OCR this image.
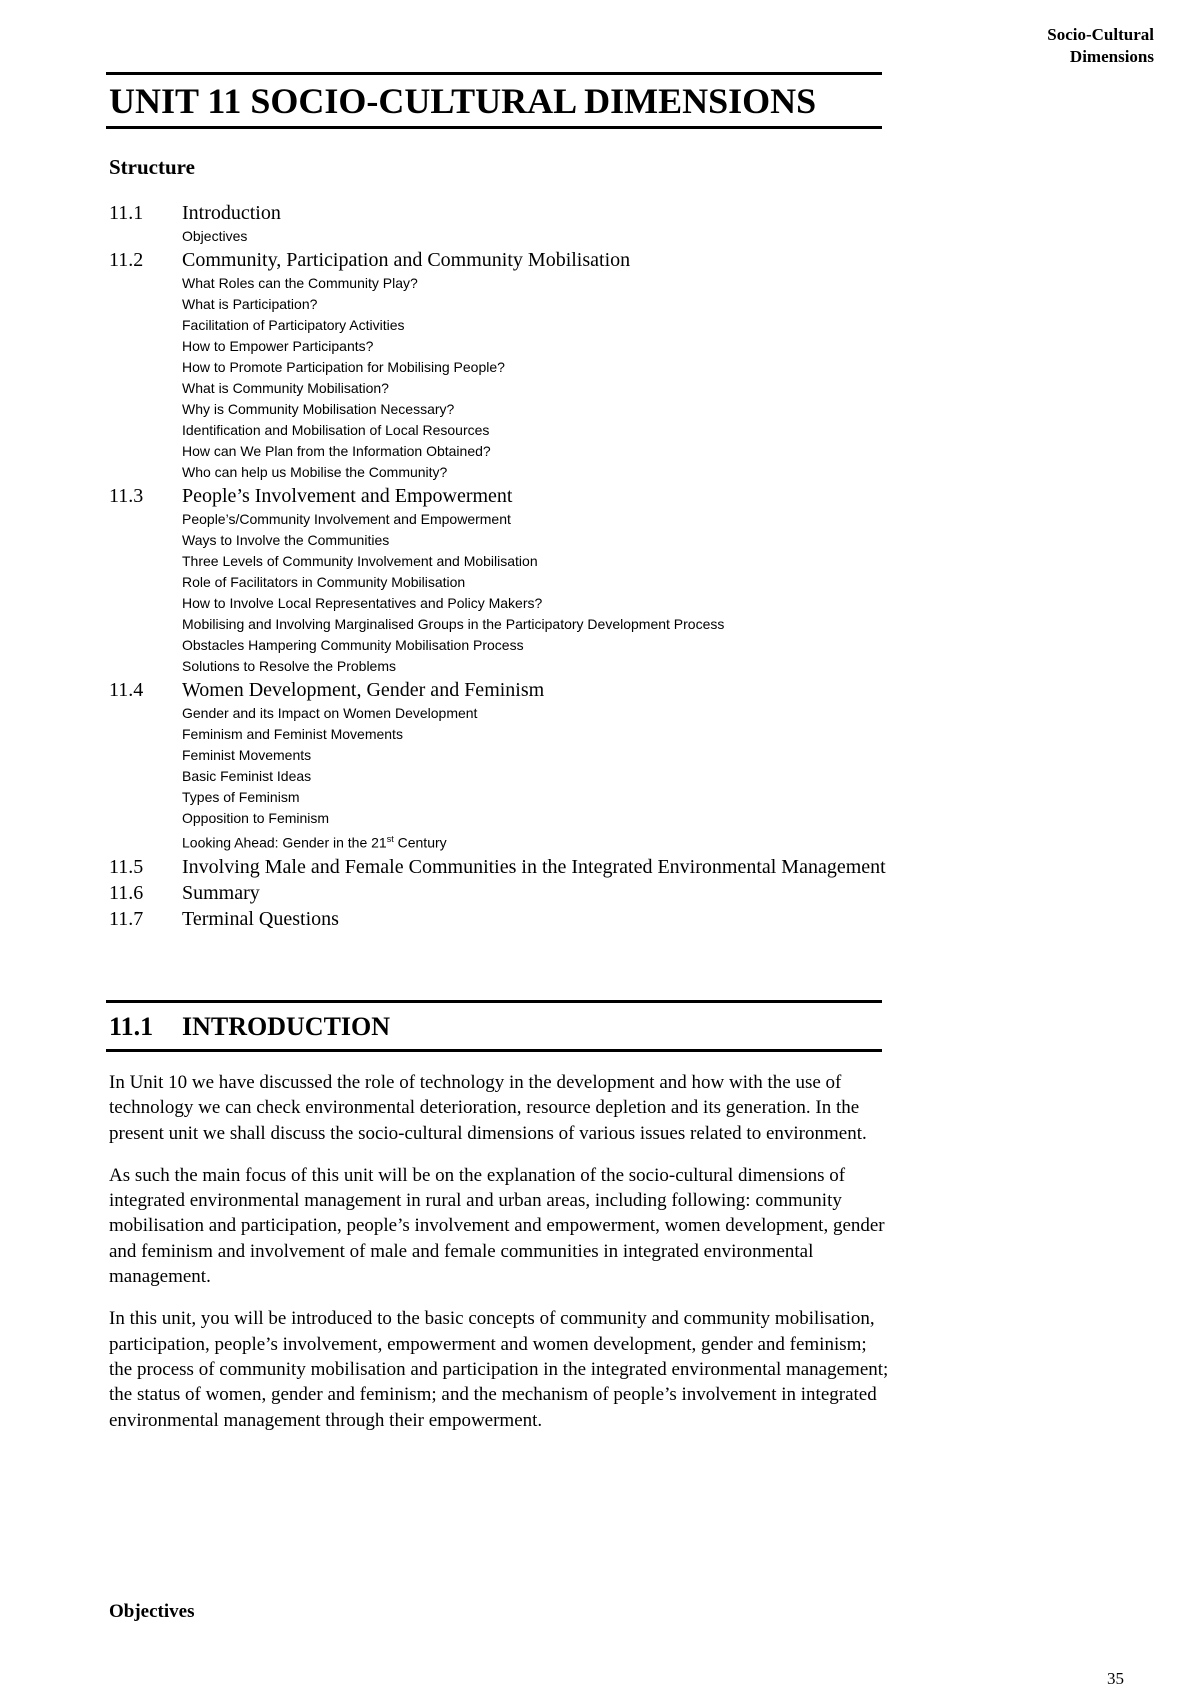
Socio-Cultural Dimensions
UNIT 11 SOCIO-CULTURAL DIMENSIONS
Structure
11.1	Introduction
Objectives
11.2	Community, Participation and Community Mobilisation
What Roles can the Community Play?
What is Participation?
Facilitation of Participatory Activities
How to Empower Participants?
How to Promote Participation for Mobilising People?
What is Community Mobilisation?
Why is Community Mobilisation Necessary?
Identification and Mobilisation of Local Resources
How can We Plan from the Information Obtained?
Who can help us Mobilise the Community?
11.3	People’s Involvement and Empowerment
People’s/Community Involvement and Empowerment
Ways to Involve the Communities
Three Levels of Community Involvement and Mobilisation
Role of Facilitators in Community Mobilisation
How to Involve Local Representatives and Policy Makers?
Mobilising and Involving Marginalised Groups in the Participatory Development Process
Obstacles Hampering Community Mobilisation Process
Solutions to Resolve the Problems
11.4	Women Development, Gender and Feminism
Gender and its Impact on Women Development
Feminism and Feminist Movements
Feminist Movements
Basic Feminist Ideas
Types of Feminism
Opposition to Feminism
Looking Ahead: Gender in the 21st Century
11.5	Involving Male and Female Communities in the Integrated Environmental Management
11.6	Summary
11.7	Terminal Questions
11.1 INTRODUCTION

In Unit 10 we have discussed the role of technology in the development and how with the use of technology we can check environmental deterioration, resource depletion and its generation. In the present unit we shall discuss the socio-cultural dimensions of various issues related to environment.

As such the main focus of this unit will be on the explanation of the socio-cultural dimensions of integrated environmental management in rural and urban areas, including following: community mobilisation and participation, people’s involvement and empowerment, women development, gender and feminism and involvement of male and female communities in integrated environmental management.

In this unit, you will be introduced to the basic concepts of community and community mobilisation, participation, people’s involvement, empowerment and women development, gender and feminism; the process of community mobilisation and participation in the integrated environmental management; the status of women, gender and feminism; and the mechanism of people’s involvement in integrated environmental management through their empowerment.

Objectives
35
